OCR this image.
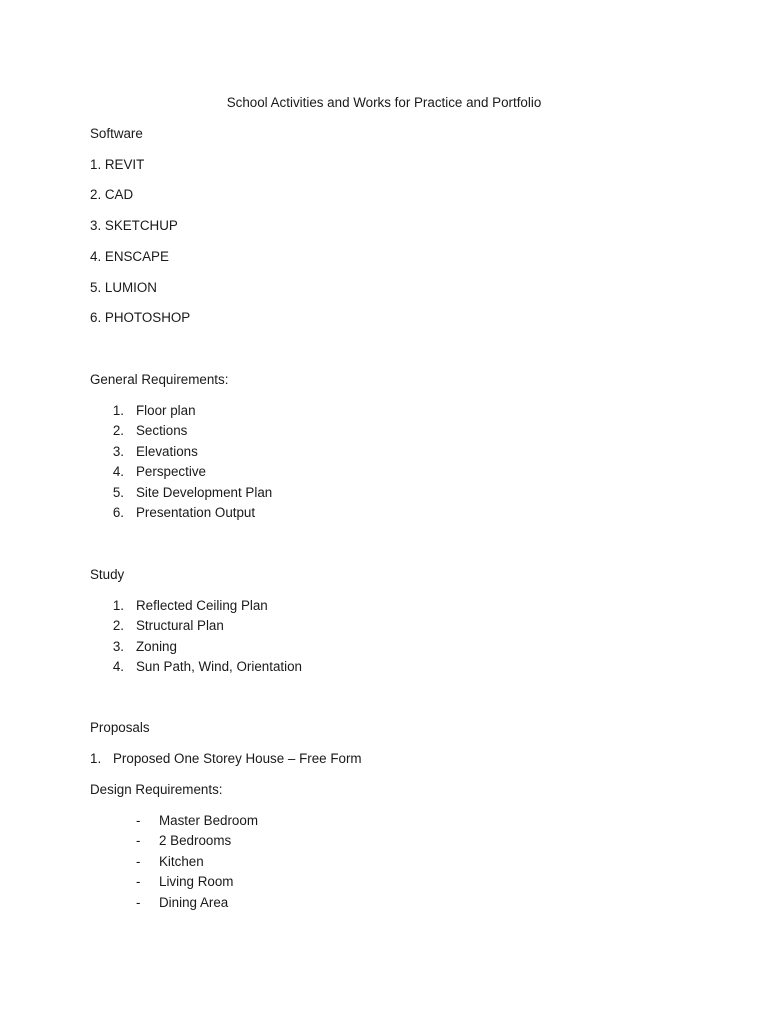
School Activities and Works for Practice and Portfolio
Software
1. REVIT
2. CAD
3. SKETCHUP
4. ENSCAPE
5. LUMION
6. PHOTOSHOP
General Requirements:
1. Floor plan
2. Sections
3. Elevations
4. Perspective
5. Site Development Plan
6. Presentation Output
Study
1. Reflected Ceiling Plan
2. Structural Plan
3. Zoning
4. Sun Path, Wind, Orientation
Proposals
1. Proposed One Storey House – Free Form
Design Requirements:
- Master Bedroom
- 2 Bedrooms
- Kitchen
- Living Room
- Dining Area
